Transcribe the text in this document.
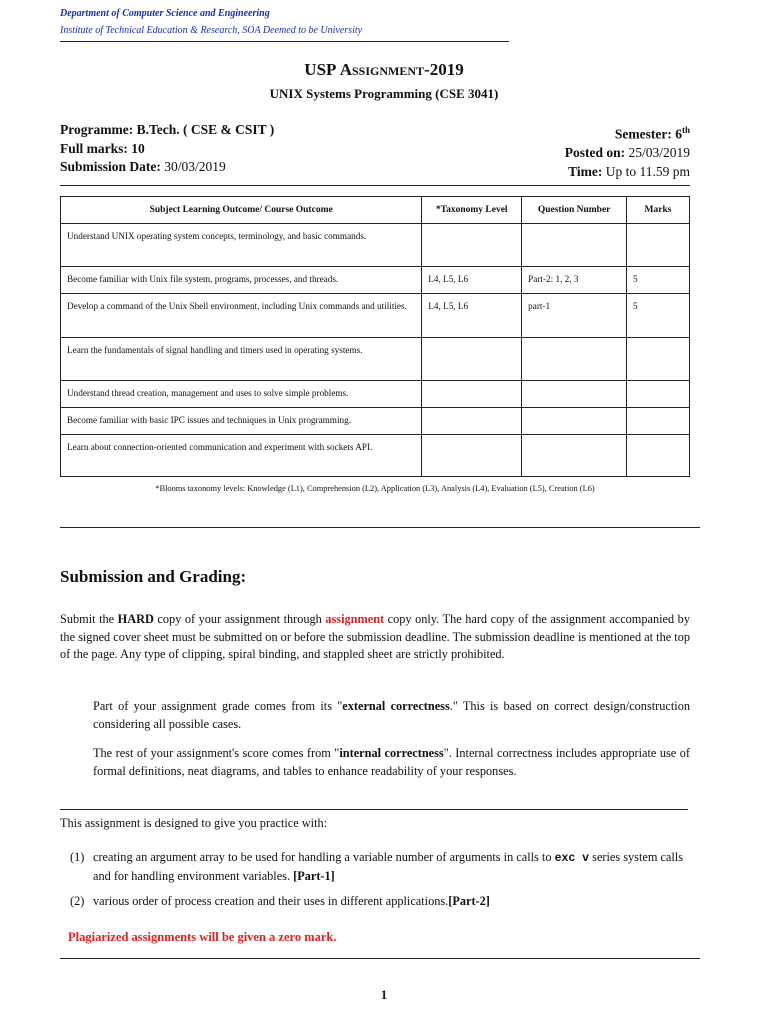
Department of Computer Science and Engineering
Institute of Technical Education & Research, SOA Deemed to be University
USP Assignment-2019
UNIX Systems Programming (CSE 3041)
Programme: B.Tech. ( CSE & CSIT )
Full marks: 10
Submission Date: 30/03/2019
Semester: 6th
Posted on: 25/03/2019
Time: Up to 11.59 pm
Subject Learning Outcome/ Course Outcome	*Taxonomy Level	Question Number	Marks
Understand UNIX operating system concepts, terminology, and basic commands.			
Become familiar with Unix file system, programs, processes, and threads.	L4, L5, L6	Part-2: 1, 2, 3	5
Develop a command of the Unix Shell environment, including Unix commands and utilities.	L4, L5, L6	part-1	5
Learn the fundamentals of signal handling and timers used in operating systems.			
Understand thread creation, management and uses to solve simple problems.			
Become familiar with basic IPC issues and techniques in Unix programming.			
Learn about connection-oriented communication and experiment with sockets API.			
*Blooms taxonomy levels: Knowledge (L1), Comprehension (L2), Application (L3), Analysis (L4), Evaluation (L5), Creation (L6)
Submission and Grading:
Submit the HARD copy of your assignment through assignment copy only. The hard copy of the assignment accompanied by the signed cover sheet must be submitted on or before the submission deadline. The submission deadline is mentioned at the top of the page. Any type of clipping, spiral binding, and stappled sheet are strictly prohibited.
Part of your assignment grade comes from its "external correctness." This is based on correct design/construction considering all possible cases.
The rest of your assignment's score comes from "internal correctness". Internal correctness includes appropriate use of formal definitions, neat diagrams, and tables to enhance readability of your responses.
This assignment is designed to give you practice with:
(1) creating an argument array to be used for handling a variable number of arguments in calls to exc v series system calls and for handling environment variables. [Part-1]
(2) various order of process creation and their uses in different applications.[Part-2]
Plagiarized assignments will be given a zero mark.
1
